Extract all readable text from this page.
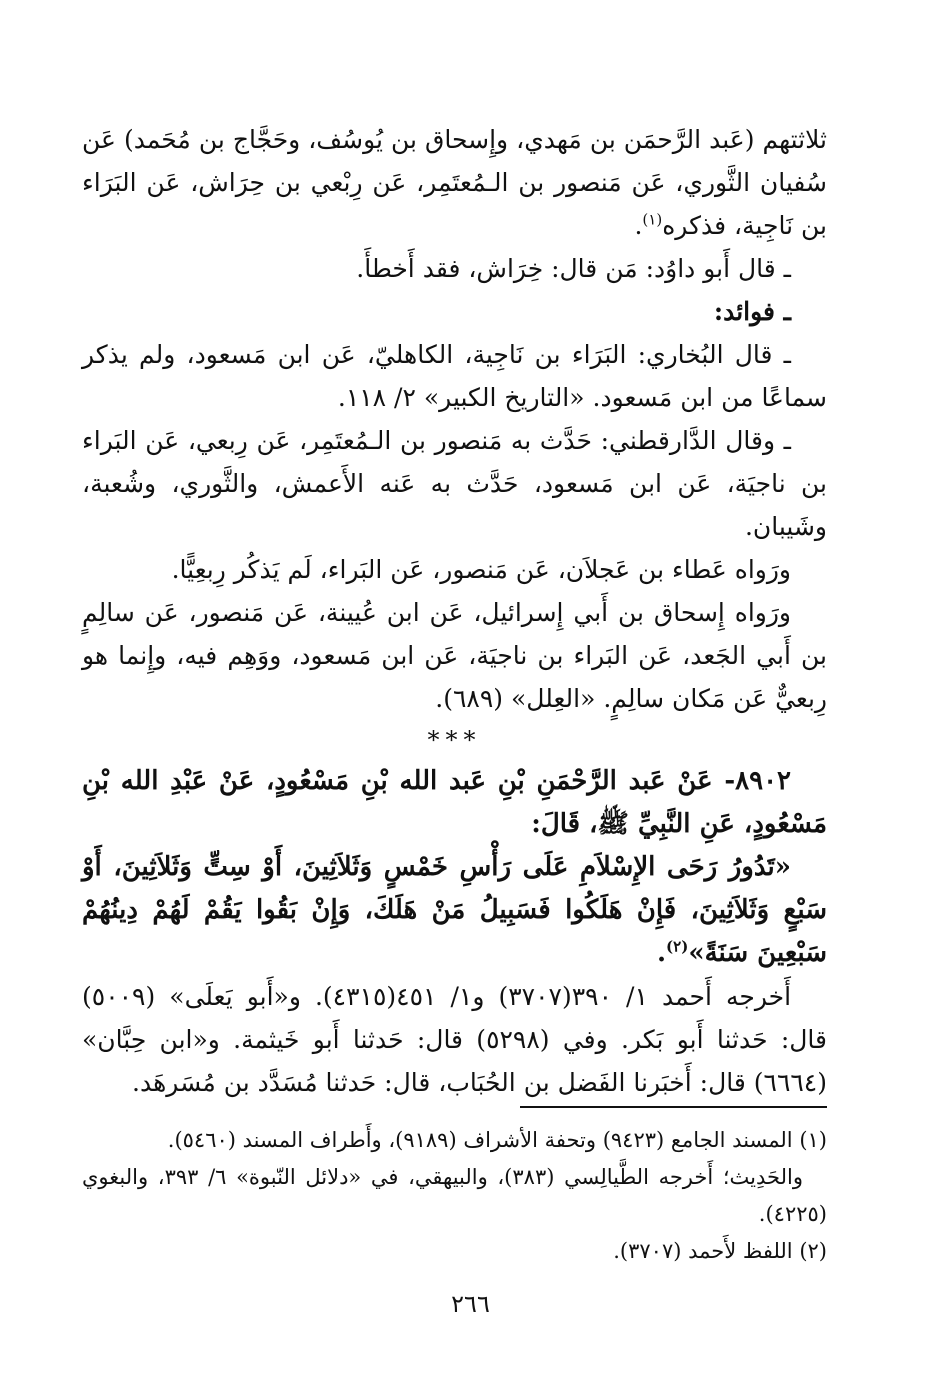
ثلاثتهم (عَبد الرَّحمَن بن مَهدي، وإِسحاق بن يُوسُف، وحَجَّاج بن مُحَمد) عَن سُفيان الثَّوري، عَن مَنصور بن الـمُعتَمِر، عَن رِبْعي بن حِرَاش، عَن البَرَاء بن نَاجِية، فذكره$^{(١)}$.

ـ قال أَبو داوُد: مَن قال: خِرَاش، فقد أَخطأَ.

ـ فوائد:

ـ قال البُخاري: البَرَاء بن نَاجِية، الكاهليّ، عَن ابن مَسعود، ولم يذكر سماعًا من ابن مَسعود. «التاريخ الكبير» ٢/ ١١٨.

ـ وقال الدَّارقطني: حَدَّث به مَنصور بن الـمُعتَمِر، عَن رِبعي، عَن البَراء بن ناجيَة، عَن ابن مَسعود، حَدَّث به عَنه الأَعمش، والثَّوري، وشُعبة، وشَيبان.

ورَواه عَطاء بن عَجلاَن، عَن مَنصور، عَن البَراء، لَم يَذكُر رِبعِيًّا.

ورَواه إِسحاق بن أَبي إِسرائيل، عَن ابن عُيينة، عَن مَنصور، عَن سالِمٍ بن أَبي الجَعد، عَن البَراء بن ناجيَة، عَن ابن مَسعود، ووَهِم فيه، وإِنما هو رِبعيٌّ عَن مَكان سالِمٍ. «العِلل» (٦٨٩).

***

٨٩٠٢- عَنْ عَبد الرَّحْمَنِ بْنِ عَبد الله بْنِ مَسْعُودٍ، عَنْ عَبْدِ الله بْنِ مَسْعُودٍ، عَنِ النَّبِيِّ ﷺ، قَالَ:

«تَدُورُ رَحَى الإِسْلاَمِ عَلَى رَأْسِ خَمْسٍ وَثَلاَثِينَ، أَوْ سِتٍّ وَثَلاَثِينَ، أَوْ سَبْعٍ وَثَلاَثِينَ، فَإِنْ هَلَكُوا فَسَبِيلُ مَنْ هَلَكَ، وَإِنْ بَقُوا يَقُمْ لَهُمْ دِينُهُمْ سَبْعِينَ سَنَةً»$^{(٢)}$.

أَخرجه أَحمد ١/ ٣٩٠(٣٧٠٧) و١/ ٤٥١(٤٣١٥). و«أَبو يَعلَى» (٥٠٠٩) قال: حَدثنا أَبو بَكر. وفي (٥٢٩٨) قال: حَدثنا أَبو خَيثمة. و«ابن حِبَّان» (٦٦٦٤) قال: أَخبَرنا الفَضل بن الحُبَاب، قال: حَدثنا مُسَدَّد بن مُسَرهَد.

(١) المسند الجامع (٩٤٢٣) وتحفة الأشراف (٩١٨٩)، وأَطراف المسند (٥٤٦٠).

والحَدِيث؛ أَخرجه الطَّيالِسي (٣٨٣)، والبيهقي، في «دلائل النّبوة» ٦/ ٣٩٣، والبغوي (٤٢٢٥).

(٢) اللفظ لأَحمد (٣٧٠٧).

٢٦٦
